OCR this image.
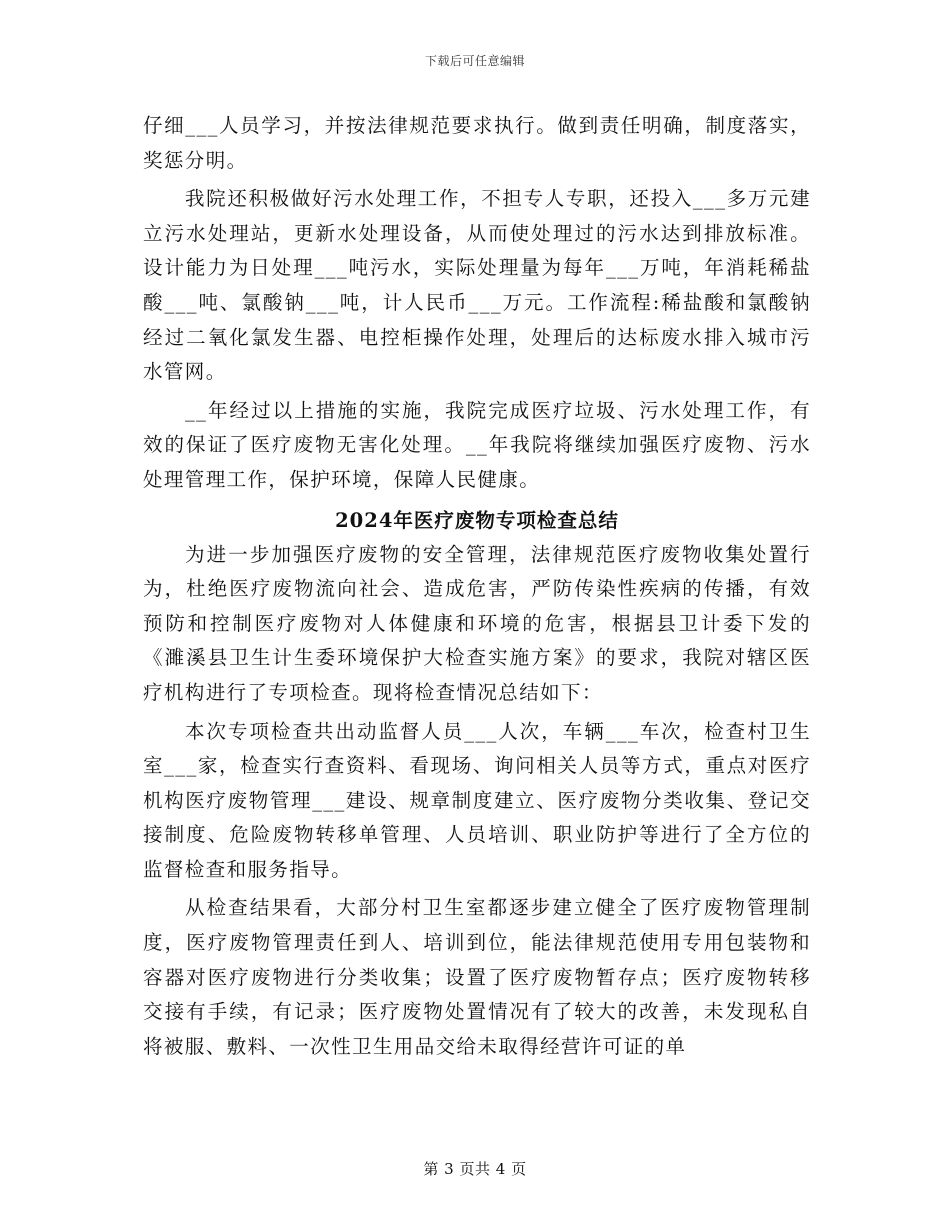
下载后可任意编辑

仔细___人员学习，并按法律规范要求执行。做到责任明确，制度落实，奖惩分明。

我院还积极做好污水处理工作，不担专人专职，还投入___多万元建立污水处理站，更新水处理设备，从而使处理过的污水达到排放标准。设计能力为日处理___吨污水，实际处理量为每年___万吨，年消耗稀盐酸___吨、氯酸钠___吨，计人民币___万元。工作流程:稀盐酸和氯酸钠经过二氧化氯发生器、电控柜操作处理，处理后的达标废水排入城市污水管网。

__年经过以上措施的实施，我院完成医疗垃圾、污水处理工作，有效的保证了医疗废物无害化处理。__年我院将继续加强医疗废物、污水处理管理工作，保护环境，保障人民健康。

2024年医疗废物专项检查总结

为进一步加强医疗废物的安全管理，法律规范医疗废物收集处置行为，杜绝医疗废物流向社会、造成危害，严防传染性疾病的传播，有效预防和控制医疗废物对人体健康和环境的危害，根据县卫计委下发的《濉溪县卫生计生委环境保护大检查实施方案》的要求，我院对辖区医疗机构进行了专项检查。现将检查情况总结如下：

本次专项检查共出动监督人员___人次，车辆___车次，检查村卫生室___家，检查实行查资料、看现场、询问相关人员等方式，重点对医疗机构医疗废物管理___建设、规章制度建立、医疗废物分类收集、登记交接制度、危险废物转移单管理、人员培训、职业防护等进行了全方位的监督检查和服务指导。

从检查结果看，大部分村卫生室都逐步建立健全了医疗废物管理制度，医疗废物管理责任到人、培训到位，能法律规范使用专用包装物和容器对医疗废物进行分类收集；设置了医疗废物暂存点；医疗废物转移交接有手续，有记录；医疗废物处置情况有了较大的改善，未发现私自将被服、敷料、一次性卫生用品交给未取得经营许可证的单

第 3 页共 4 页
